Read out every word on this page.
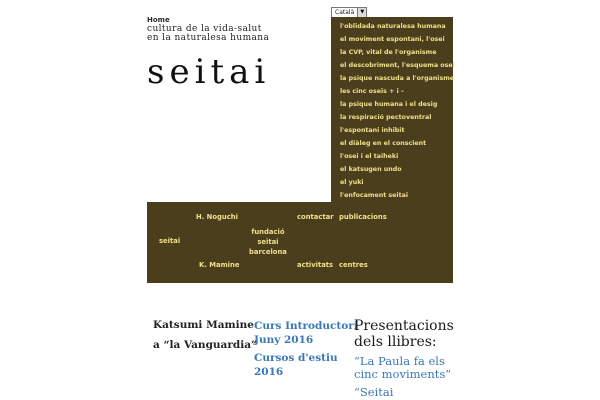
Home
cultura de la vida-salut
en la naturalesa humana
seitai
Català	▼
l'oblidada naturalesa humana
el moviment espontani, l'osei
la CVP, vital de l'organisme
el descobriment, l'esquema osei
la psique nascuda a l'organisme
les cinc oseis + i –
la psique humana i el desig
la respiració pectoventral
l'espontani inhibit
el diàleg en el conscient
l'osei i el taiheki
el katsugen undo
el yuki
l'enfocament seitai
seitai
H. Noguchi
K. Mamine
fundació
seitai
barcelona
contactar publicacions
activitats centres
Katsumi Mamine
a “la Vanguardia”
Curs Introductori
Juny 2016
Cursos d'estiu
2016
Presentacions
dels llibres:
“La Paula fa els
cinc moviments”
“Seitai
